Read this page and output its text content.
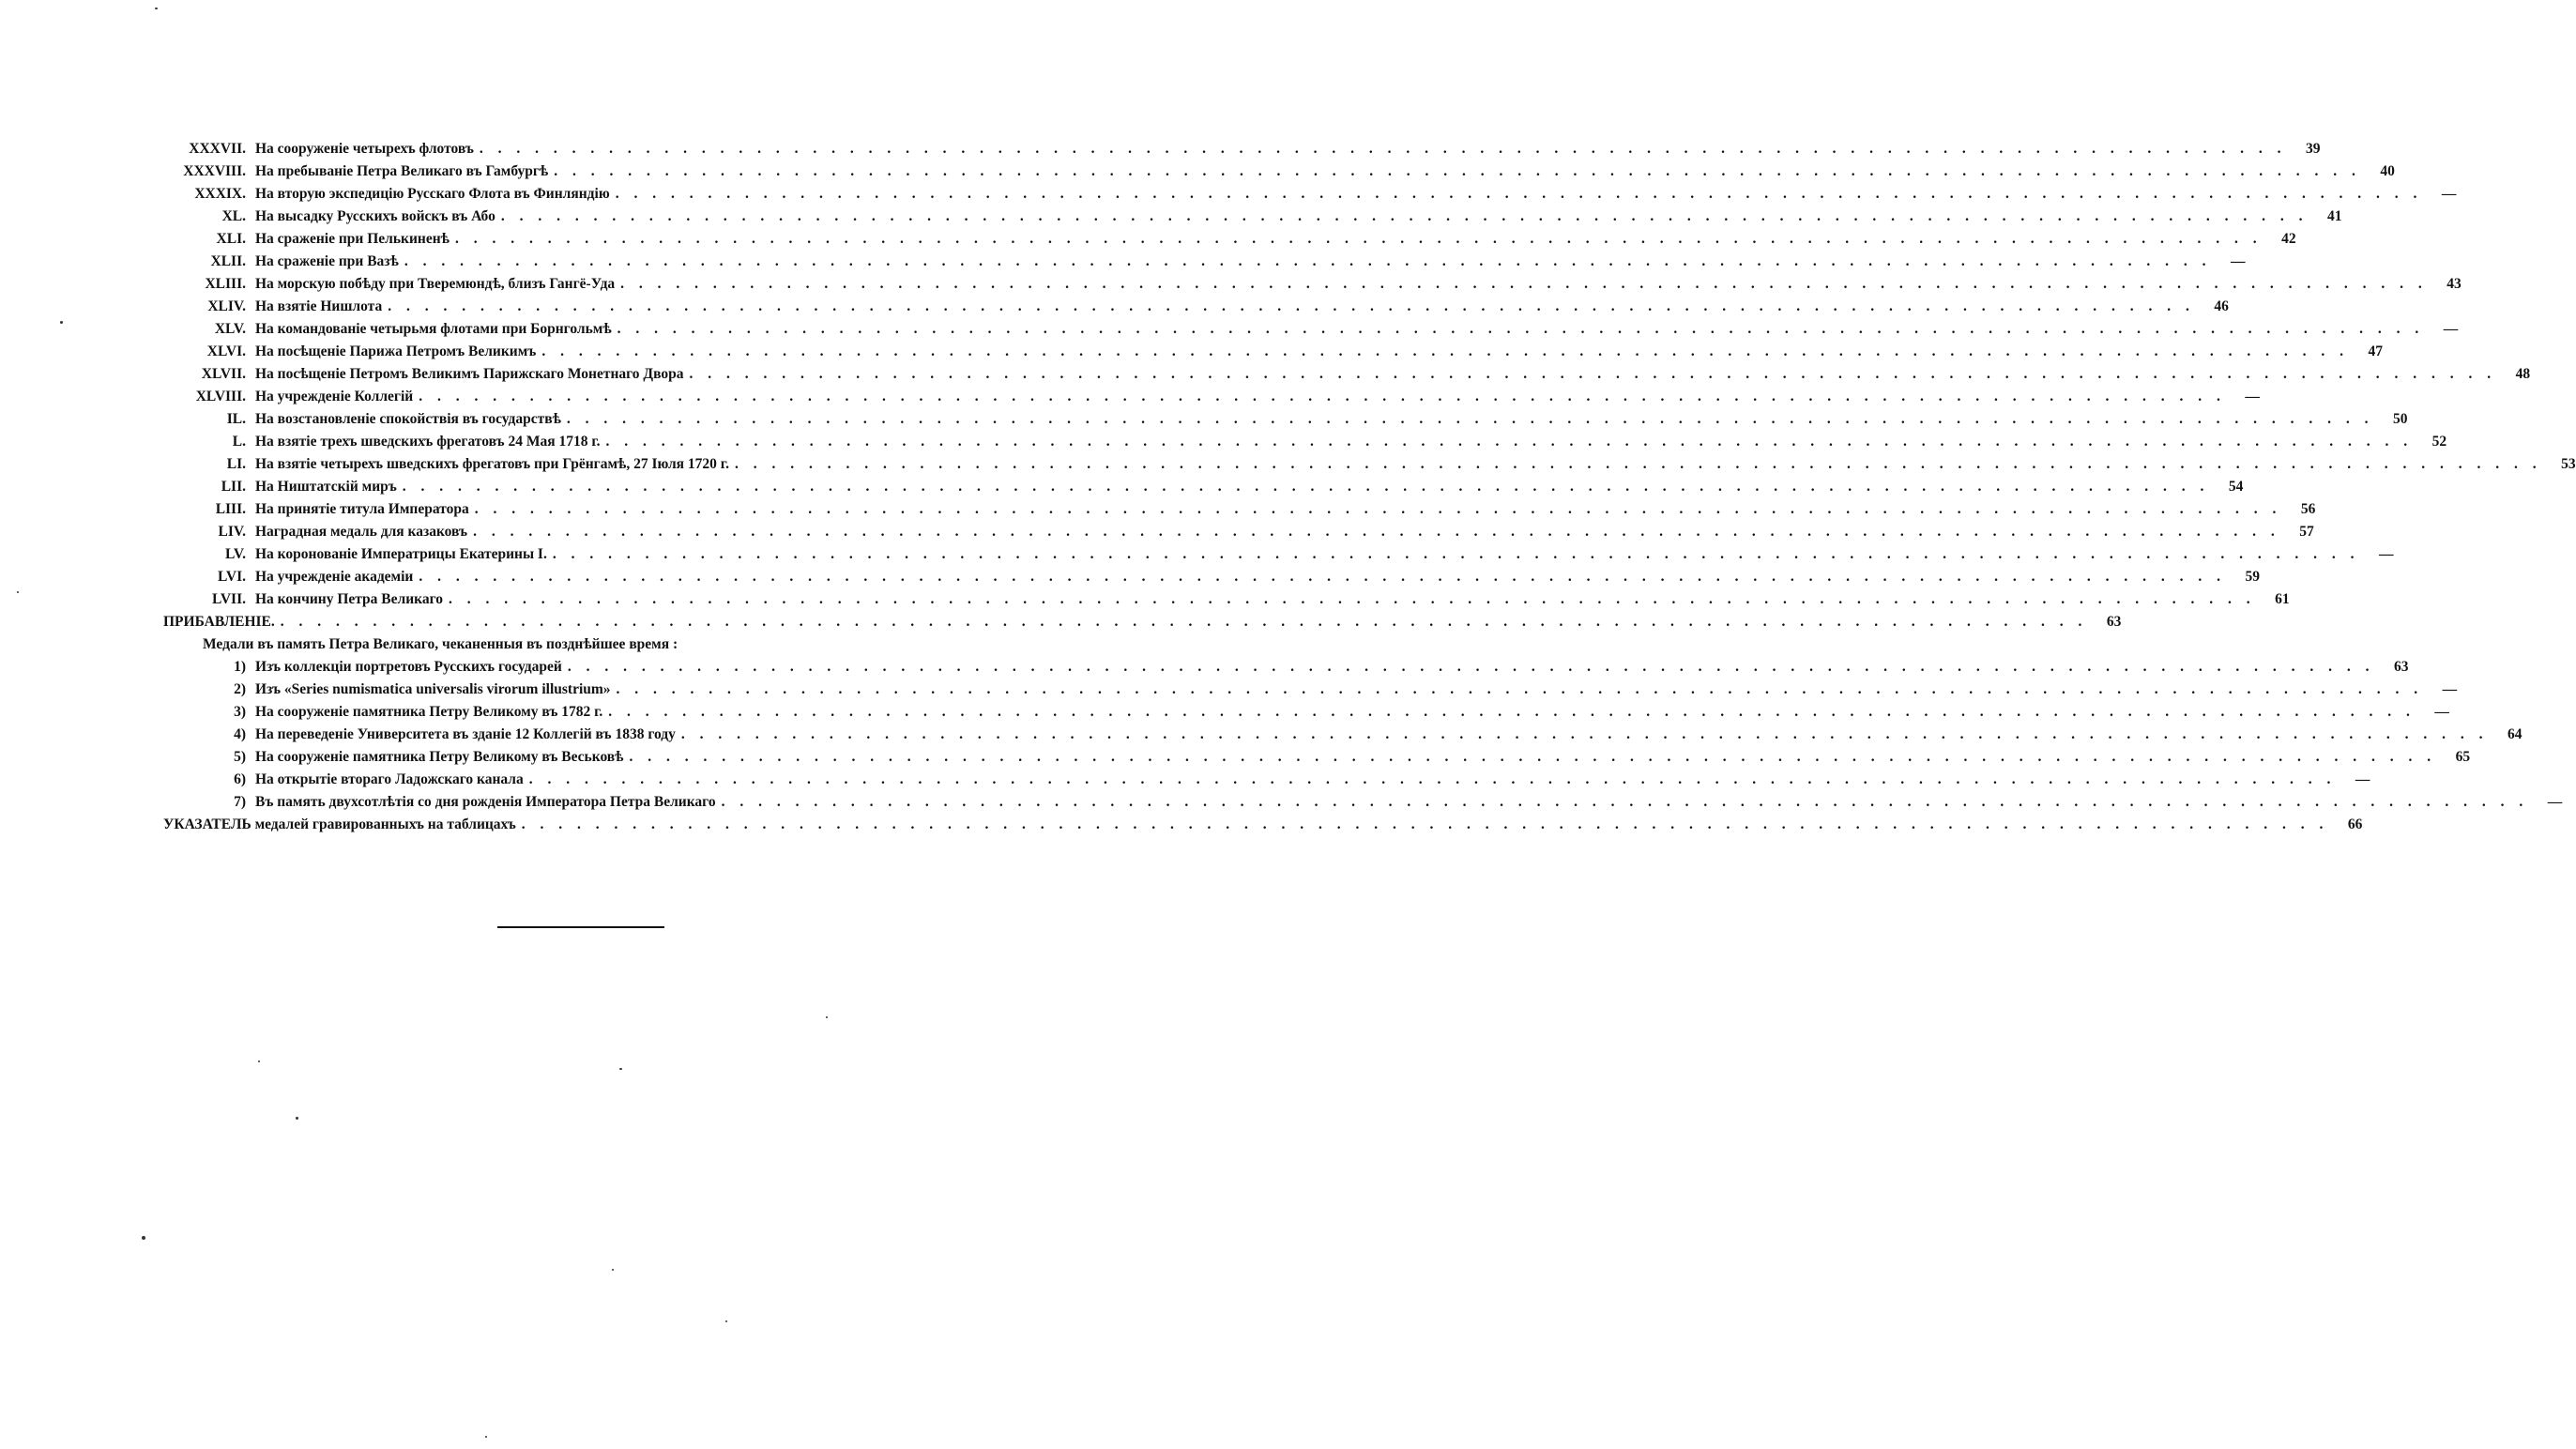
XXXVII. На сооруженіе четырехъ флотовъ . . .	39
XXXVIII. На пребываніе Петра Великаго въ Гамбургѣ . . .	40
XXXIX. На вторую экспедицію Русскаго Флота въ Финляндію . . .	—
XL. На высадку Русскихъ войскъ въ Або . . .	41
XLI. На сраженіе при Пелькиненѣ . . .	42
XLII. На сраженіе при Вазѣ . . .	—
XLIII. На морскую побѣду при Тверемюндѣ, близъ Гангё-Уда . . .	43
XLIV. На взятіе Нишлота . . .	46
XLV. На командованіе четырьмя флотами при Борнгольмѣ . . .	—
XLVI. На посѣщеніе Парижа Петромъ Великимъ . . .	47
XLVII. На посѣщеніе Петромъ Великимъ Парижскаго Монетнаго Двора . . .	48
XLVIII. На учрежденіе Коллегій . . .	—
IL. На возстановленіе спокойствія въ государствѣ . . .	50
L. На взятіе трехъ шведскихъ фрегатовъ 24 Мая 1718 г. . . .	52
LI. На взятіе четырехъ шведскихъ фрегатовъ при Грёнгамѣ, 27 Іюля 1720 г. . . .	53
LII. На Ништатскій миръ . . .	54
LIII. На принятіе титула Императора . . .	56
LIV. Наградная медаль для казаковъ . . .	57
LV. На коронованіе Императрицы Екатерины I. . . .	—
LVI. На учрежденіе академіи . . .	59
LVII. На кончину Петра Великаго . . .	61
ПРИБАВЛЕНІЕ. . . .	63
Медали въ память Петра Великаго, чеканенныя въ позднѣйшее время :
1) Изъ коллекціи портретовъ Русскихъ государей . . .	63
2) Изъ «Series numismatica universalis virorum illustrium» . . .	—
3) На сооруженіе памятника Петру Великому въ 1782 г. . . .	—
4) На переведеніе Университета въ зданіе 12 Коллегій въ 1838 году . . .	64
5) На сооруженіе памятника Петру Великому въ Веськовѣ . . .	65
6) На открытіе втораго Ладожскаго канала . . .	—
7) Въ память двухсотлѣтія со дня рожденія Императора Петра Великаго . . .	—
УКАЗАТЕЛЬ медалей гравированныхъ на таблицахъ . . .	66
